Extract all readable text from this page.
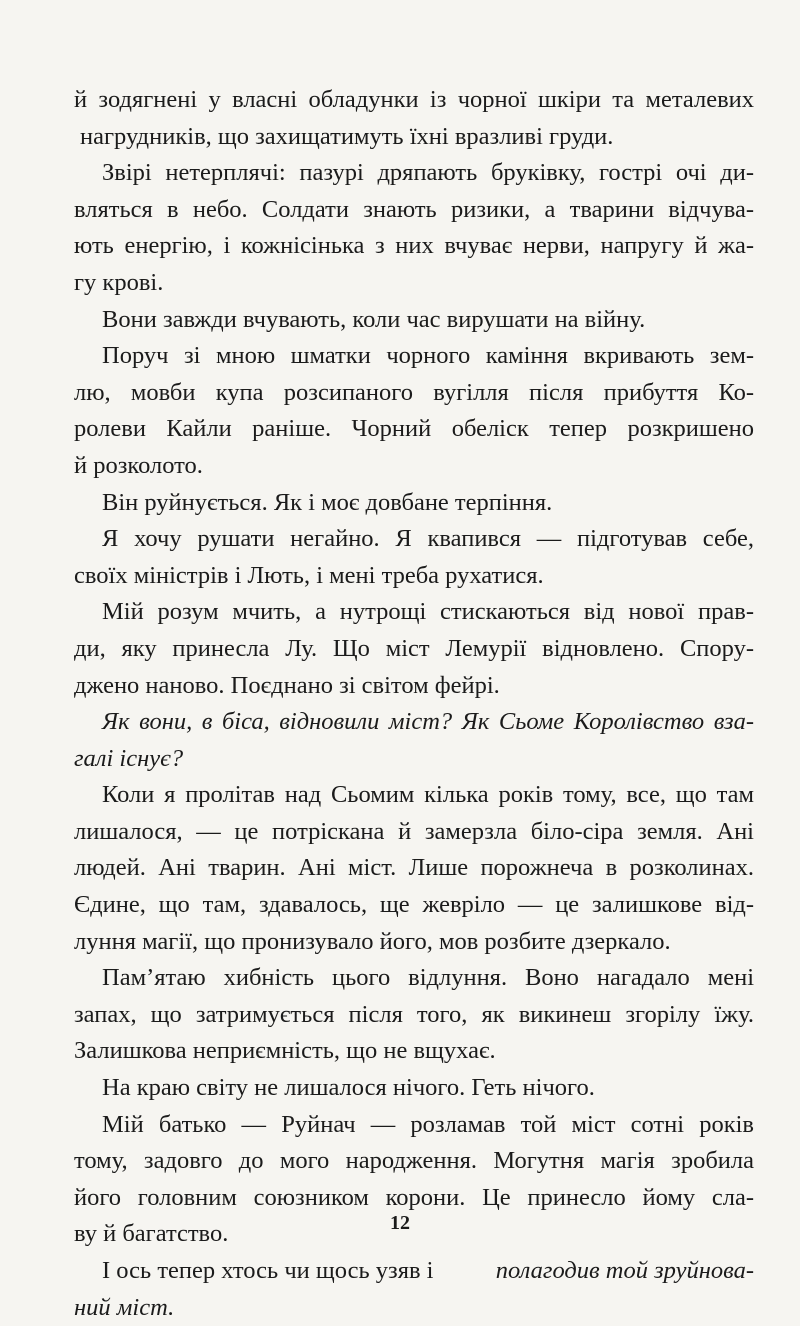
й зодягнені у власні обладунки із чорної шкіри та металевих
нагрудників, що захищатимуть їхні вразливі груди.
Звірі нетерплячі: пазурі дряпають бруківку, гострі очі ди-
вляться в небо. Солдати знають ризики, а тварини відчува-
ють енергію, і кожнісінька з них вчуває нерви, напругу й жа-
гу крові.
Вони завжди вчувають, коли час вирушати на війну.
Поруч зі мною шматки чорного каміння вкривають зем-
лю, мовби купа розсипаного вугілля після прибуття Ко-
ролеви Кайли раніше. Чорний обеліск тепер розкришено
й розколото.
Він руйнується. Як і моє довбане терпіння.
Я хочу рушати негайно. Я квапився — підготував себе,
своїх міністрів і Лють, і мені треба рухатися.
Мій розум мчить, а нутрощі стискаються від нової прав-
ди, яку принесла Лу. Що міст Лемурії відновлено. Спору-
джено наново. Поєднано зі світом фейрі.
Як вони, в біса, відновили міст? Як Сьоме Королівство вза-
галі існує?
Коли я пролітав над Сьомим кілька років тому, все, що там
лишалося, — це потріскана й замерзла біло-сіра земля. Ані
людей. Ані тварин. Ані міст. Лише порожнеча в розколинах.
Єдине, що там, здавалось, ще жевріло — це залишкове від-
луння магії, що пронизувало його, мов розбите дзеркало.
Пам’ятаю хибність цього відлуння. Воно нагадало мені
запах, що затримується після того, як викинеш згорілу їжу.
Залишкова неприємність, що не вщухає.
На краю світу не лишалося нічого. Геть нічого.
Мій батько — Руйнач — розламав той міст сотні років
тому, задовго до мого народження. Могутня магія зробила
його головним союзником корони. Це принесло йому сла-
ву й багатство.
І ось тепер хтось чи щось узяв і полагодив той зруйнова-
ний міст.
12
